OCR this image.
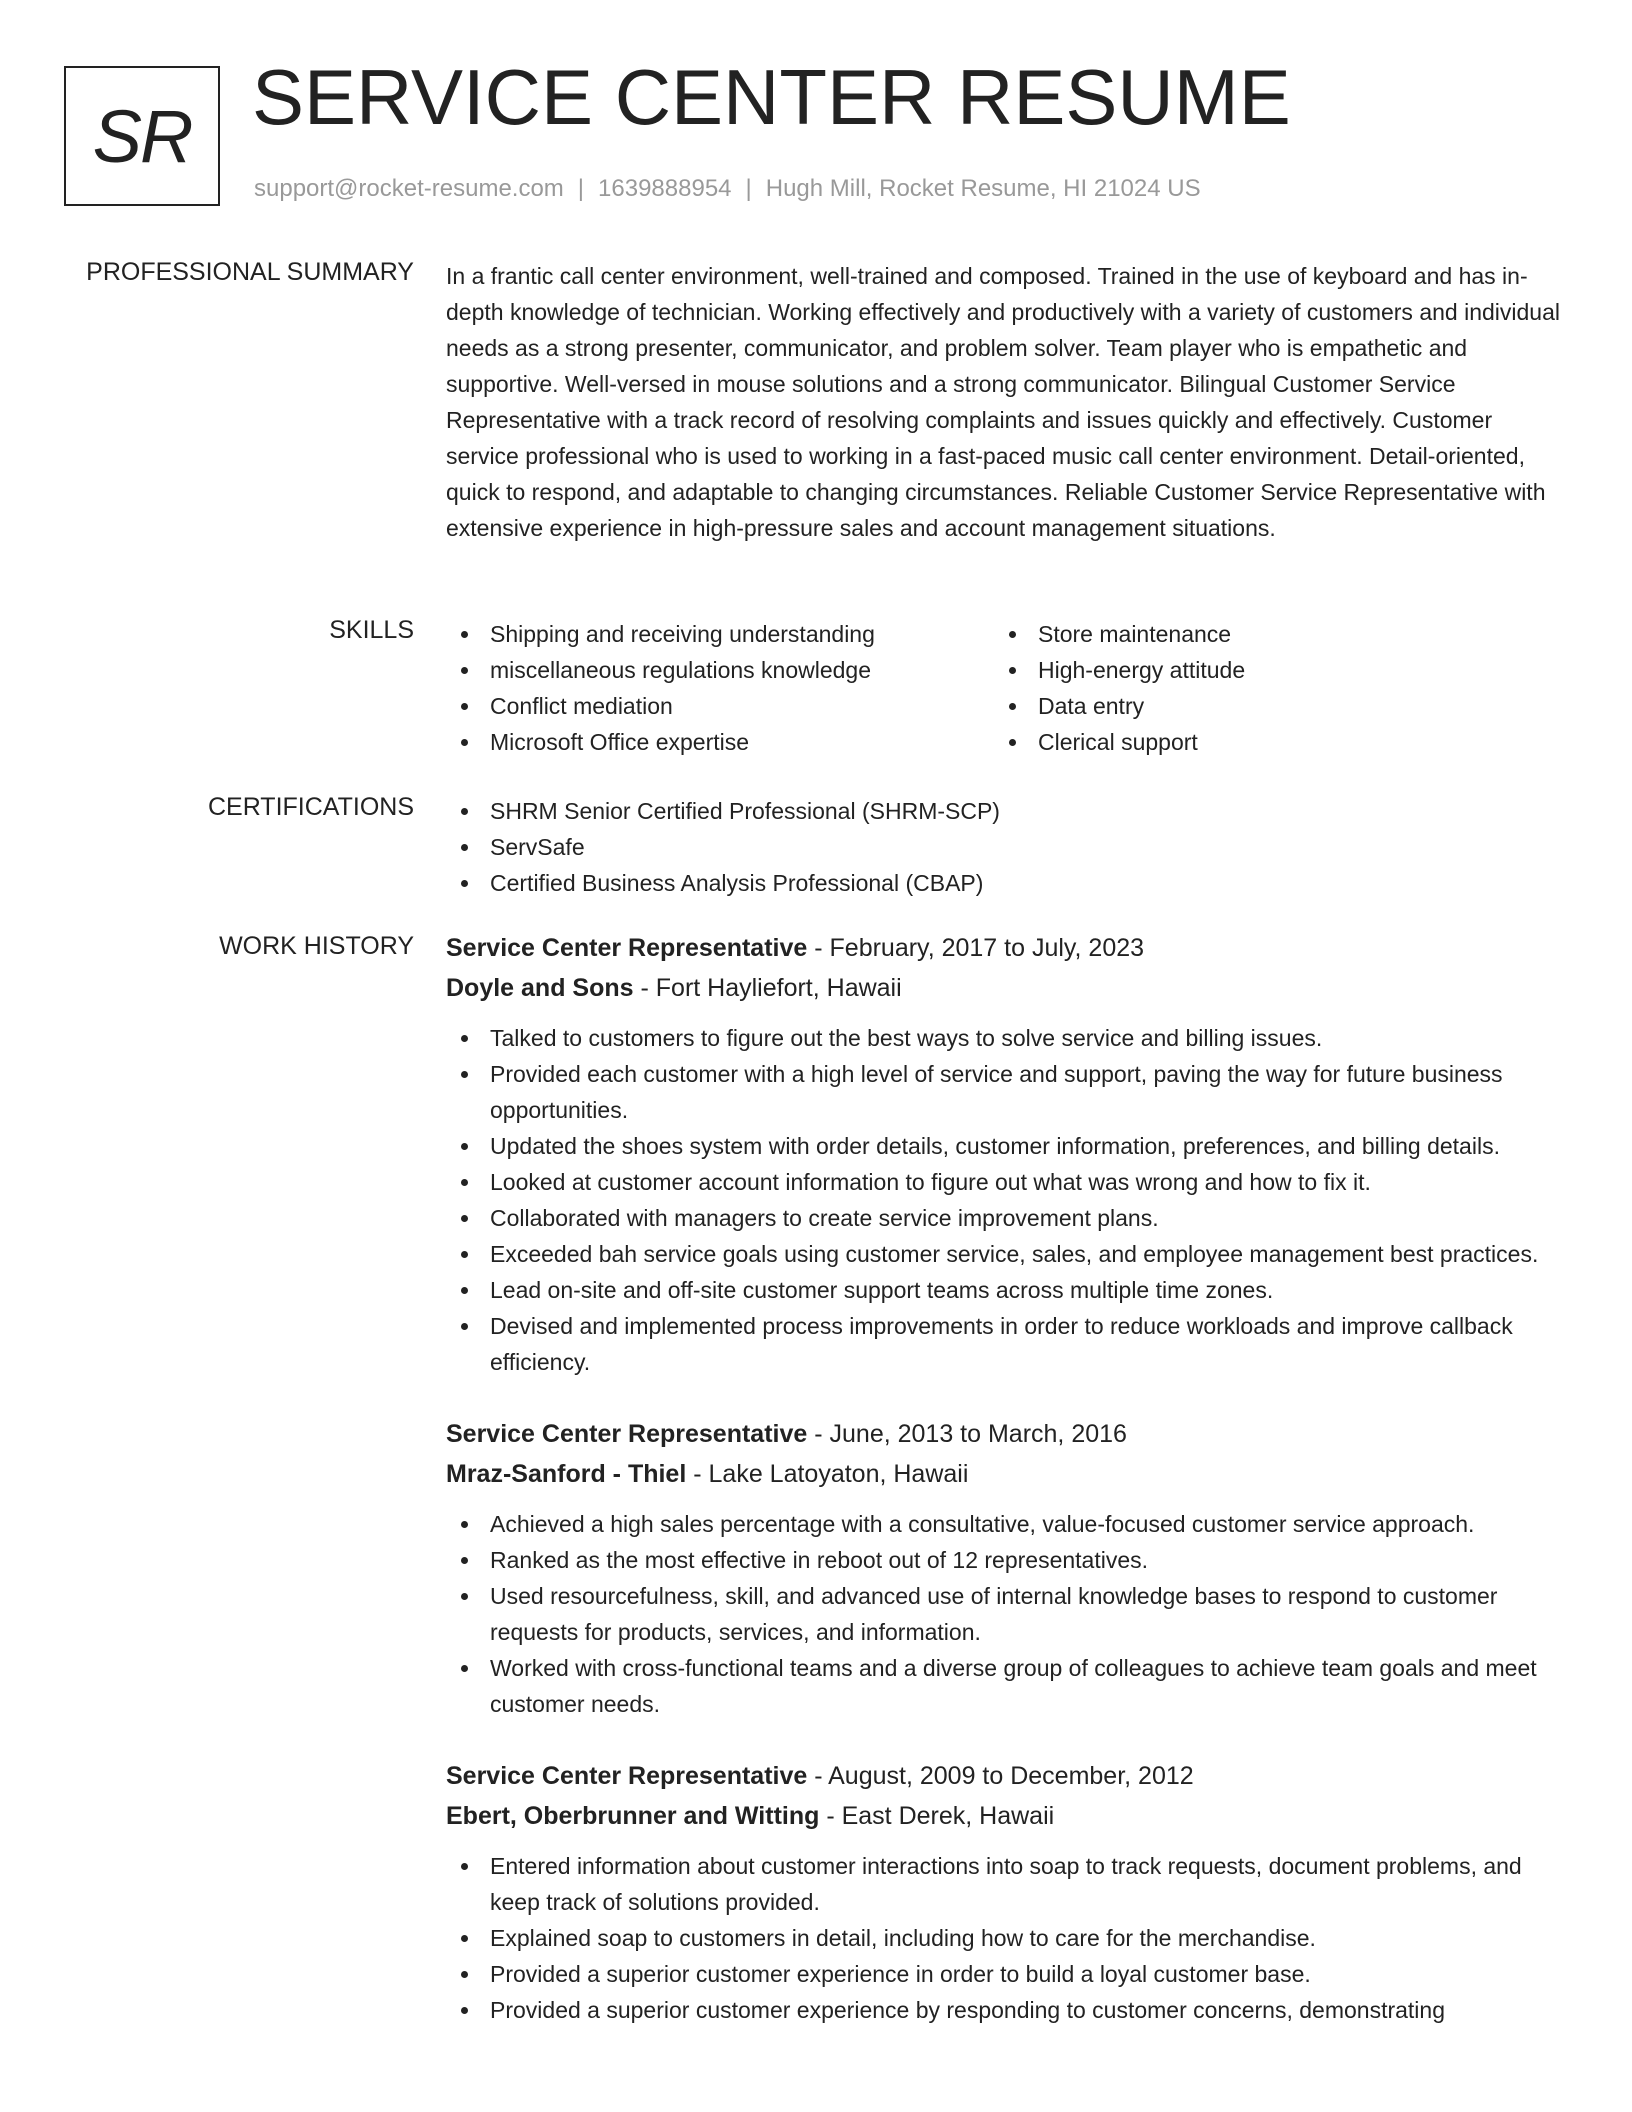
SR SERVICE CENTER RESUME
support@rocket-resume.com | 1639888954 | Hugh Mill, Rocket Resume, HI 21024 US
PROFESSIONAL SUMMARY In a frantic call center environment, well-trained and composed. Trained in the use of keyboard and has in-depth knowledge of technician. Working effectively and productively with a variety of customers and individual needs as a strong presenter, communicator, and problem solver. Team player who is empathetic and supportive. Well-versed in mouse solutions and a strong communicator. Bilingual Customer Service Representative with a track record of resolving complaints and issues quickly and effectively. Customer service professional who is used to working in a fast-paced music call center environment. Detail-oriented, quick to respond, and adaptable to changing circumstances. Reliable Customer Service Representative with extensive experience in high-pressure sales and account management situations.

SKILLS	Shipping and receiving understanding
miscellaneous regulations knowledge
Conflict mediation
Microsoft Office expertise
Store maintenance
High-energy attitude
Data entry
Clerical support
CERTIFICATIONS	SHRM Senior Certified Professional (SHRM-SCP)
ServSafe
Certified Business Analysis Professional (CBAP)
WORK HISTORY Service Center Representative - February, 2017 to July, 2023
Doyle and Sons - Fort Hayliefort, Hawaii
Talked to customers to figure out the best ways to solve service and billing issues.
Provided each customer with a high level of service and support, paving the way for future business opportunities.
Updated the shoes system with order details, customer information, preferences, and billing details.
Looked at customer account information to figure out what was wrong and how to fix it.
Collaborated with managers to create service improvement plans.
Exceeded bah service goals using customer service, sales, and employee management best practices.
Lead on-site and off-site customer support teams across multiple time zones.
Devised and implemented process improvements in order to reduce workloads and improve callback efficiency.
Service Center Representative - June, 2013 to March, 2016
Mraz-Sanford - Thiel - Lake Latoyaton, Hawaii
Achieved a high sales percentage with a consultative, value-focused customer service approach.
Ranked as the most effective in reboot out of 12 representatives.
Used resourcefulness, skill, and advanced use of internal knowledge bases to respond to customer requests for products, services, and information.
Worked with cross-functional teams and a diverse group of colleagues to achieve team goals and meet customer needs.
Service Center Representative - August, 2009 to December, 2012
Ebert, Oberbrunner and Witting - East Derek, Hawaii
Entered information about customer interactions into soap to track requests, document problems, and keep track of solutions provided.
Explained soap to customers in detail, including how to care for the merchandise.
Provided a superior customer experience in order to build a loyal customer base.
Provided a superior customer experience by responding to customer concerns, demonstrating
